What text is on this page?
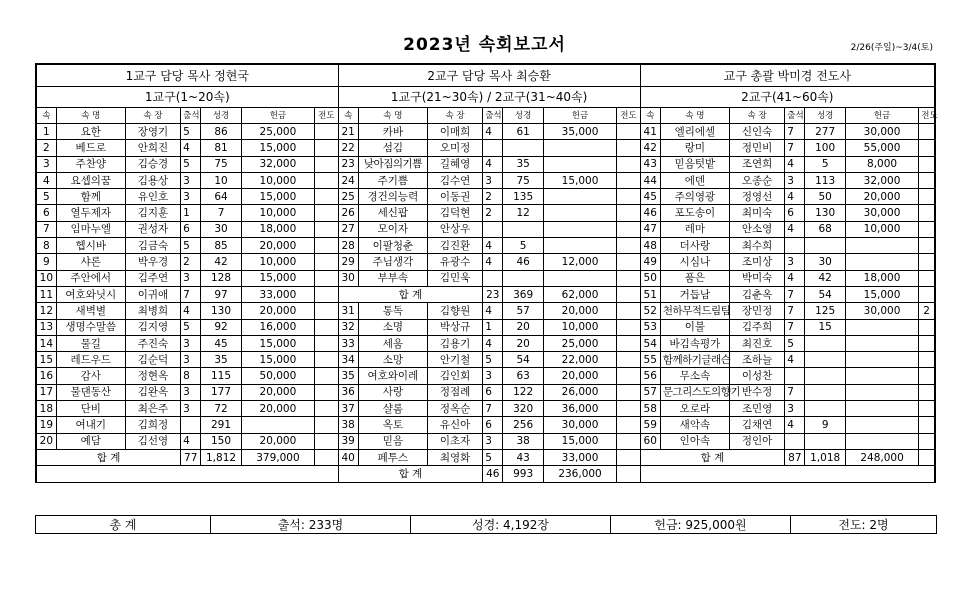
2023년 속회보고서	2/26(주일)~3/4(토)
1교구 담당 목사 정현국							2교구 담당 목사 최승환							교구 총괄 박미경 전도사						
1교구(1~20속)							1교구(21~30속) / 2교구(31~40속)							2교구(41~60속)						
속	속 명	속 장	출석	성경	헌금	전도	속	속 명	속 장	출석	성경	헌금	전도	속	속 명	속 장	출석	성경	헌금	전도
1	요한	장영기	5	86	25,000		21	카바	이매희	4	61	35,000		41	엘리에셀	신인숙	7	277	30,000	
2	베드로	안희진	4	81	15,000		22	섬김	오미정					42	랑미	정민비	7	100	55,000	
3	주찬양	김승경	5	75	32,000		23	낮아짐의기쁨	길혜영	4	35			43	믿음텃밭	조연희	4	5	8,000	
4	요셉의꿈	김용상	3	10	10,000		24	주기쁨	김수연	3	75	15,000		44	에덴	오종순	3	113	32,000	
5	함께	유인호	3	64	15,000		25	경건의능력	이동권	2	135			45	주의영광	정영선	4	50	20,000	
6	열두제자	김지훈	1	7	10,000		26	세신팝	김덕현	2	12			46	포도송이	최미숙	6	130	30,000	
7	임마누엘	권성자	6	30	18,000		27	모이자	안상우					47	레마	안소영	4	68	10,000	
8	헵시바	김금숙	5	85	20,000		28	이팔청춘	김진환	4	5			48	더사랑	최수희				
9	샤론	박우경	2	42	10,000		29	주님생각	유광수	4	46	12,000		49	시심나	조미상	3	30		
10	주안에서	김주연	3	128	15,000		30	부부속	김민욱					50	품은	박미숙	4	42	18,000	
11	여호와닛시	이귀애	7	97	33,000		합 계			23	369	62,000		51	거듭남	김춘옥	7	54	15,000	
12	새벽별	최병희	4	130	20,000		31	통독	김향원	4	57	20,000		52	천하무적드림팀	장민정	7	125	30,000	2
13	생명수말씀	김지영	5	92	16,000		32	소명	박상규	1	20	10,000		53	이불	김주희	7	15		
14	물길	주진숙	3	45	15,000		33	세움	김용기	4	20	25,000		54	바김속평가	최진호	5			
15	레드우드	김순덕	3	35	15,000		34	소망	안기철	5	54	22,000		55	함께하기글래슨	조하늘	4			
16	감사	정현옥	8	115	50,000		35	여호와이레	김인회	3	63	20,000		56	무소속	이성찬				
17	물댄동산	김완옥	3	177	20,000		36	사랑	정점례	6	122	26,000		57	문그리스도의향기	반수정	7			
18	단비	최은주	3	72	20,000		37	샬롬	정옥순	7	320	36,000		58	오로라	조민영	3			
19	여내기	김희정		291			38	옥토	유신아	6	256	30,000		59	새악속	김채연	4	9		
20	예담	김선영	4	150	20,000		39	믿음	이초자	3	38	15,000		60	인아속	정인아				
합 계			77	1,812	379,000		40	페투스	최영화	5	43	33,000		합 계			87	1,018	248,000	
							합 계			46	993	236,000								
총 계	출석: 233명	성경: 4,192장	헌금: 925,000원	전도: 2명
